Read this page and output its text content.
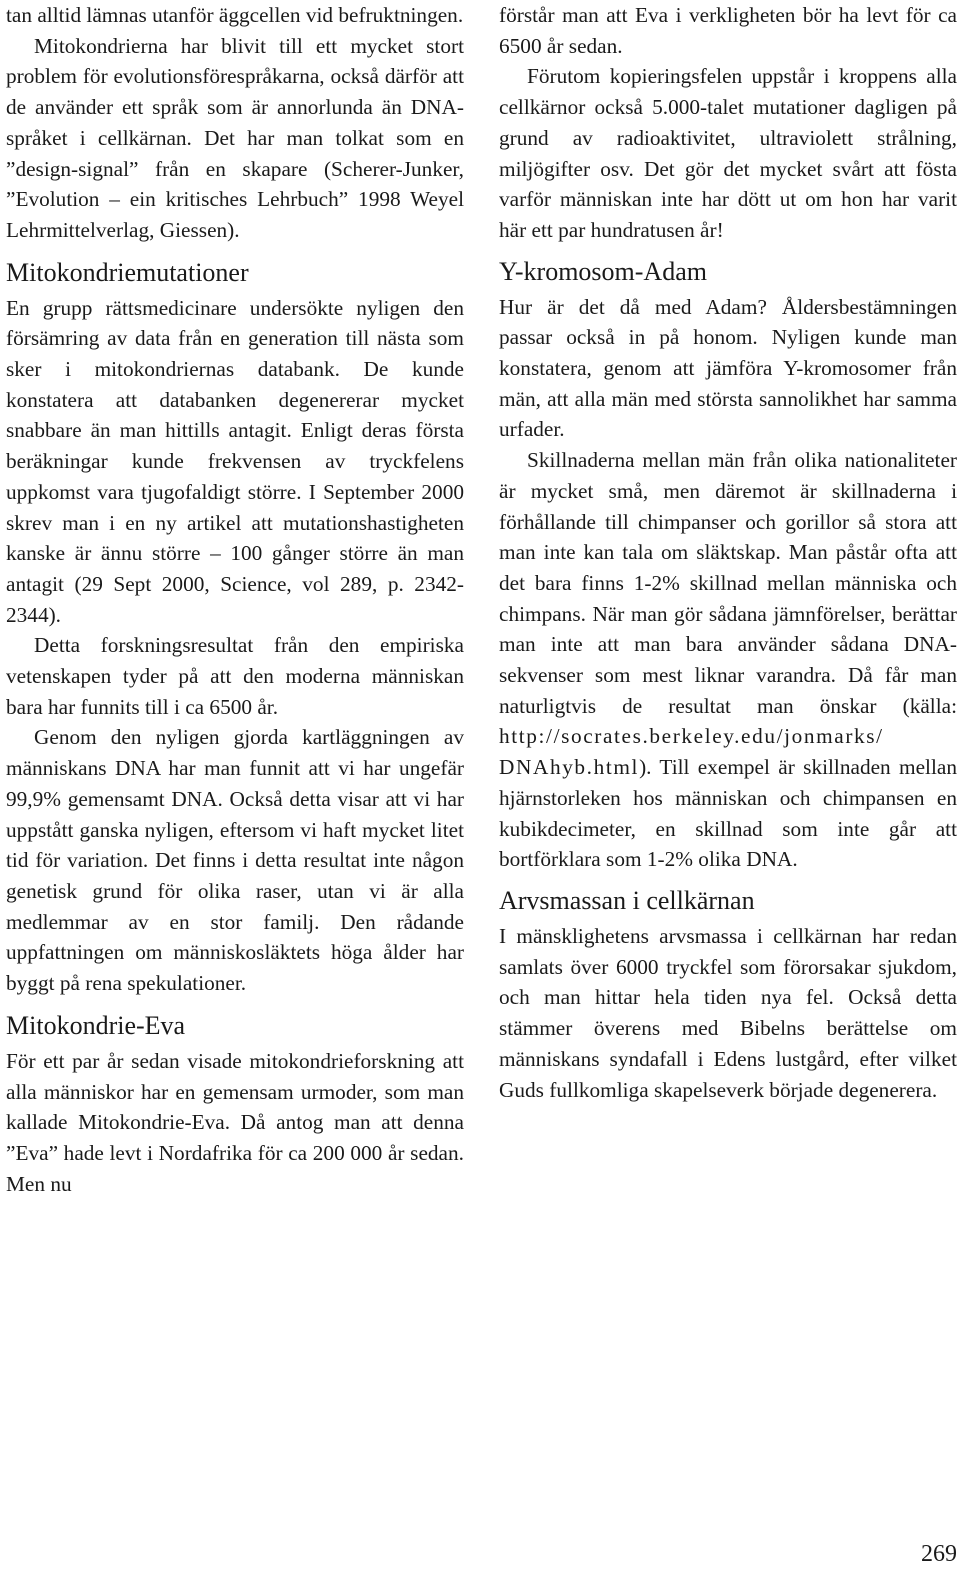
tan alltid lämnas utanför äggcellen vid befruktningen.

Mitokondrierna har blivit till ett mycket stort problem för evolutionsförespråkarna, också därför att de använder ett språk som är annorlunda än DNA-språket i cellkärnan. Det har man tolkat som en ”design-signal” från en skapare (Scherer-Junker, ”Evolution – ein kritisches Lehrbuch” 1998 Weyel Lehrmittelverlag, Giessen).

Mitokondriemutationer

En grupp rättsmedicinare undersökte nyligen den försämring av data från en generation till nästa som sker i mitokondriernas databank. De kunde konstatera att databanken degenererar mycket snabbare än man hittills antagit. Enligt deras första beräkningar kunde frekvensen av tryckfelens uppkomst vara tjugofaldigt större. I September 2000 skrev man i en ny artikel att mutationshastigheten kanske är ännu större – 100 gånger större än man antagit (29 Sept 2000, Science, vol 289, p. 2342-2344).

Detta forskningsresultat från den empiriska vetenskapen tyder på att den moderna människan bara har funnits till i ca 6500 år.

Genom den nyligen gjorda kartläggningen av människans DNA har man funnit att vi har ungefär 99,9% gemensamt DNA. Också detta visar att vi har uppstått ganska nyligen, eftersom vi haft mycket litet tid för variation. Det finns i detta resultat inte någon genetisk grund för olika raser, utan vi är alla medlemmar av en stor familj. Den rådande uppfattningen om människosläktets höga ålder har byggt på rena spekulationer.

Mitokondrie-Eva

För ett par år sedan visade mitokondrieforskning att alla människor har en gemensam urmoder, som man kallade Mitokondrie-Eva. Då antog man att denna ”Eva” hade levt i Nordafrika för ca 200 000 år sedan. Men nu

förstår man att Eva i verkligheten bör ha levt för ca 6500 år sedan.

Förutom kopieringsfelen uppstår i kroppens alla cellkärnor också 5.000-talet mutationer dagligen på grund av radioaktivitet, ultraviolett strålning, miljögifter osv. Det gör det mycket svårt att fösta varför människan inte har dött ut om hon har varit här ett par hundratusen år!

Y-kromosom-Adam

Hur är det då med Adam? Åldersbestämningen passar också in på honom. Nyligen kunde man konstatera, genom att jämföra Y-kromosomer från män, att alla män med största sannolikhet har samma urfader.

Skillnaderna mellan män från olika nationaliteter är mycket små, men däremot är skillnaderna i förhållande till chimpanser och gorillor så stora att man inte kan tala om släktskap. Man påstår ofta att det bara finns 1-2% skillnad mellan människa och chimpans. När man gör sådana jämnförelser, berättar man inte att man bara använder sådana DNA-sekvenser som mest liknar varandra. Då får man naturligtvis de resultat man önskar (källa: http://socrates.berkeley.edu/jonmarks/ DNAhyb.html). Till exempel är skillnaden mellan hjärnstorleken hos människan och chimpansen en kubikdecimeter, en skillnad som inte går att bortförklara som 1-2% olika DNA.

Arvsmassan i cellkärnan

I mänsklighetens arvsmassa i cellkärnan har redan samlats över 6000 tryckfel som förorsakar sjukdom, och man hittar hela tiden nya fel. Också detta stämmer överens med Bibelns berättelse om människans syndafall i Edens lustgård, efter vilket Guds fullkomliga skapelseverk började degenerera.

269
